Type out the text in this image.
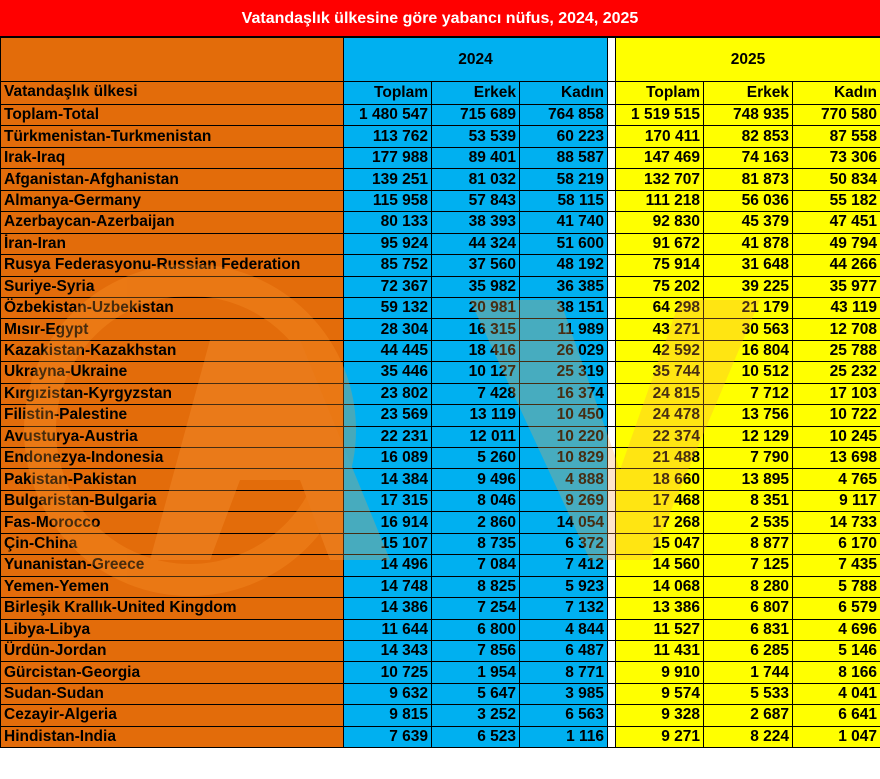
Vatandaşlık ülkesine göre yabancı nüfus, 2024, 2025
	2024				2025		

Vatandaşlık ülkesi	Toplam	Erkek	Kadın		Toplam	Erkek	Kadın
Toplam-Total	1 480 547	715 689	764 858		1 519 515	748 935	770 580
Türkmenistan-Turkmenistan	113 762	53 539	60 223		170 411	82 853	87 558
Irak-Iraq	177 988	89 401	88 587		147 469	74 163	73 306
Afganistan-Afghanistan	139 251	81 032	58 219		132 707	81 873	50 834
Almanya-Germany	115 958	57 843	58 115		111 218	56 036	55 182
Azerbaycan-Azerbaijan	80 133	38 393	41 740		92 830	45 379	47 451
İran-Iran	95 924	44 324	51 600		91 672	41 878	49 794
Rusya Federasyonu-Russian Federation	85 752	37 560	48 192		75 914	31 648	44 266
Suriye-Syria	72 367	35 982	36 385		75 202	39 225	35 977
Özbekistan-Uzbekistan	59 132	20 981	38 151		64 298	21 179	43 119
Mısır-Egypt	28 304	16 315	11 989		43 271	30 563	12 708
Kazakistan-Kazakhstan	44 445	18 416	26 029		42 592	16 804	25 788
Ukrayna-Ukraine	35 446	10 127	25 319		35 744	10 512	25 232
Kırgızistan-Kyrgyzstan	23 802	7 428	16 374		24 815	7 712	17 103
Filistin-Palestine	23 569	13 119	10 450		24 478	13 756	10 722
Avusturya-Austria	22 231	12 011	10 220		22 374	12 129	10 245
Endonezya-Indonesia	16 089	5 260	10 829		21 488	7 790	13 698
Pakistan-Pakistan	14 384	9 496	4 888		18 660	13 895	4 765
Bulgaristan-Bulgaria	17 315	8 046	9 269		17 468	8 351	9 117
Fas-Morocco	16 914	2 860	14 054		17 268	2 535	14 733
Çin-China	15 107	8 735	6 372		15 047	8 877	6 170
Yunanistan-Greece	14 496	7 084	7 412		14 560	7 125	7 435
Yemen-Yemen	14 748	8 825	5 923		14 068	8 280	5 788
Birleşik Krallık-United Kingdom	14 386	7 254	7 132		13 386	6 807	6 579
Libya-Libya	11 644	6 800	4 844		11 527	6 831	4 696
Ürdün-Jordan	14 343	7 856	6 487		11 431	6 285	5 146
Gürcistan-Georgia	10 725	1 954	8 771		9 910	1 744	8 166
Sudan-Sudan	9 632	5 647	3 985		9 574	5 533	4 041
Cezayir-Algeria	9 815	3 252	6 563		9 328	2 687	6 641
Hindistan-India	7 639	6 523	1 116		9 271	8 224	1 047
